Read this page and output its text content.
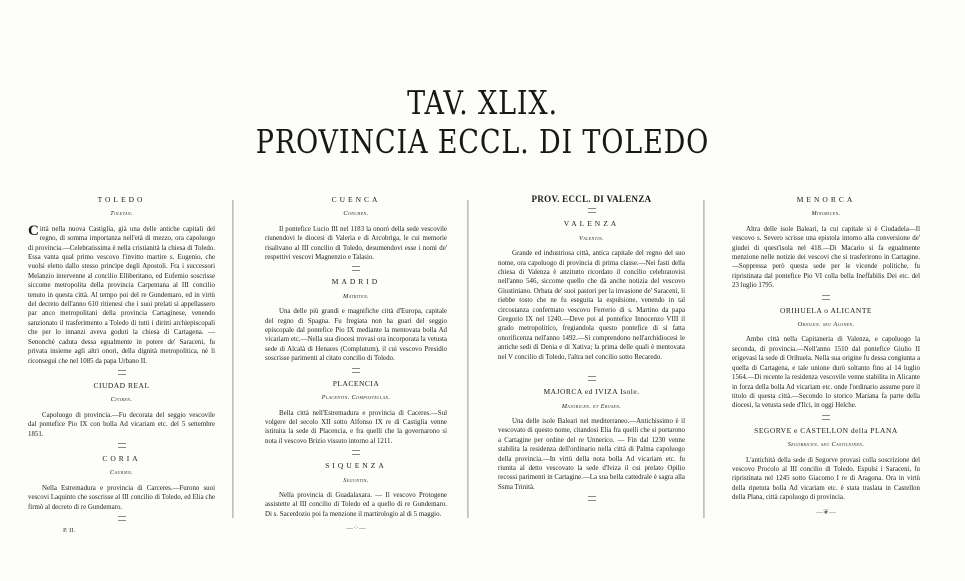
TAV. XLIX.
PROVINCIA ECCL. DI TOLEDO
TOLEDO
Toletan.

Città nella nuova Castiglia, già una delle antiche capitali del regno, di somma importanza nell'età di mezzo, ora capoluogo di provincia.—Celebratissima è nella cristianità la chiesa di Toledo. Essa vanta qual primo vescovo l'invitto martire s. Eugenio, che vuolsi eletto dallo stesso principe degli Apostoli. Fra i successori Melanzio intervenne al concilio Elliberitano, ed Eufemio soscrisse siccome metropolita della provincia Carpentana al III concilio tenuto in questa città. Al tempo poi del re Gundemaro, ed in virtù del decreto dell'anno 610 ritienesi che i suoi prelati si appellassero par anco metropolitani della provincia Cartaginese, venendo sanzionato il trasferimento a Toledo di tutti i diritti archiepiscopali che per lo innanzi aveva goduti la chiesa di Cartagena. — Senonchè caduta dessa egualmente in potere de' Saraceni, fu privata insieme agli altri onori, della dignità metropolitica, nè li riconseguì che nel 1085 da papa Urbano II.

CIUDAD REAL
Civiren.

Capoluogo di provincia.—Fu decorata del seggio vescovile dal pontefice Pio IX con bolla Ad vicariam etc. del 5 settembre 1851.

CORIA
Caurien.

Nella Estremadura e provincia di Carceres.—Furono suoi vescovi Laquinto che soscrisse al III concilio di Toledo, ed Elia che firmò al decreto di re Gundemaro.

CUENCA
Conchen.

Il pontefice Lucio III nel 1183 la onorò della sede vescovile riunendovi le diocesi di Valeria e di Arcobriga, le cui memorie risalivano al III concilio di Toledo, desumendovi esse i nomi de' respettivi vescovi Magnenzio e Talasio.

MADRID
Matriten.

Una delle più grandi e magnifiche città d'Europa, capitale del regno di Spagna. Fu fregiata non ha guari del seggio episcopale dal pontefice Pio IX mediante la mentovata bolla Ad vicariam etc.—Nella sua diocesi trovasi ora incorporata la vetusta sede di Alcalà di Henares (Complutum), il cui vescovo Presidio soscrisse parimenti al citato concilio di Toledo.

PLACENCIA
Placentin. Compostellan.

Bella città nell'Estremadura e provincia di Caceres.—Sul volgere del secolo XII sotto Alfonso IX re di Castiglia venne istituita la sede di Placencia, e fra quelli che la governarono si nota il vescovo Brizio vissuto intorno al 1211.

SIQUENZA
Seguntin.

Nella provincia di Guadalaxara. — Il vescovo Protogene assistette al III concilio di Toledo ed a quello di re Gundemaro. Di s. Sacerdozio poi fa menzione il martirologio al di 5 maggio.

—⁘—
PROV. ECCL. DI VALENZA
VALENZA
Valentin.

Grande ed industriosa città, antica capitale del regno del suo nome, ora capoluogo di provincia di prima classe.—Nei fasti della chiesa di Valenza è anzitutto ricordato il concilio celebratovisi nell'anno 546, siccome quello che dà anche notizia del vescovo Giustiniano. Orbata de' suoi pastori per la invasione de' Saraceni, li riebbe tosto che ne fu eseguita la espulsione, venendo in tal circostanza confermato vescovo Ferrerio di s. Martino da papa Gregorio IX nel 1240.—Deve poi al pontefice Innocenzo VIII il grado metropolitico, fregiandola questo pontefice di sì fatta onorificenza nell'anno 1492.—Si comprendono nell'archidiocesi le antiche sedi di Denia e di Xativa; la prima delle quali è mentovata nel V concilio di Toledo, l'altra nel concilio sotto Recaredo.

MAJORCA ed IVIZA Isole.
Majoricen. et Ebusen.

Una delle isole Baleari nel mediterraneo.—Antichissimo è il vescovato di questo nome, citandosi Elia fra quelli che si portarono a Cartagine per ordine del re Unnerico. — Fin dal 1230 venne stabilita la residenza dell'ordinario nella città di Palma capoluogo della provincia.—In virtù della nota bolla Ad vicariam etc. fu riunita al detto vescovato la sede d'Iviza il cui prelato Opilio recossi parimenti in Cartagine.—La sua bella cattedrale è sagra alla Ssma Trinità.

MENORCA
Minoricen.

Altra delle isole Baleari, la cui capitale si è Ciudadela—Il vescovo s. Severo scrisse una epistola intorno alla conversione de' giudei di quest'isola nel 418.—Di Macario si fa egualmente menzione nelle notizie dei vescovi che si trasferirono in Cartagine.—Soppressa però questa sede per le vicende politiche, fu ripristinata dal pontefice Pio VI colla bella Ineffabilis Dei etc. del 23 luglio 1795.

ORIHUELA o ALICANTE
Oriolen. seu Alonen.

Ambo città nella Capitaneria di Valenza, e capoluogo la seconda, di provincia.—Nell'anno 1510 dal pontefice Giulio II erigevasi la sede di Orihuela. Nella sua origine fu dessa congiunta a quella di Cartagena, e tale unione durò soltanto fino al 14 luglio 1564.—Di recente la residenza vescovile venne stabilita in Alicante in forza della bolla Ad vicariam etc. onde l'ordinario assume pure il titolo di questa città.—Secondo lo storico Mariana fa parte della diocesi, la vetusta sede d'Ilci, in oggi Helche.

SEGORVE e CASTELLON della PLANA
Segobricen. seu Castilionen.

L'antichità della sede di Segorve provasi colla soscrizione del vescovo Procolo al III concilio di Toledo. Espulsi i Saraceni, fu ripristinata nel 1245 sotto Giacomo I re di Aragona. Ora in virtù della ripetuta bolla Ad vicariam etc. è stata traslata in Castellon della Plana, città capoluogo di provincia.

—❦—
P. II.
